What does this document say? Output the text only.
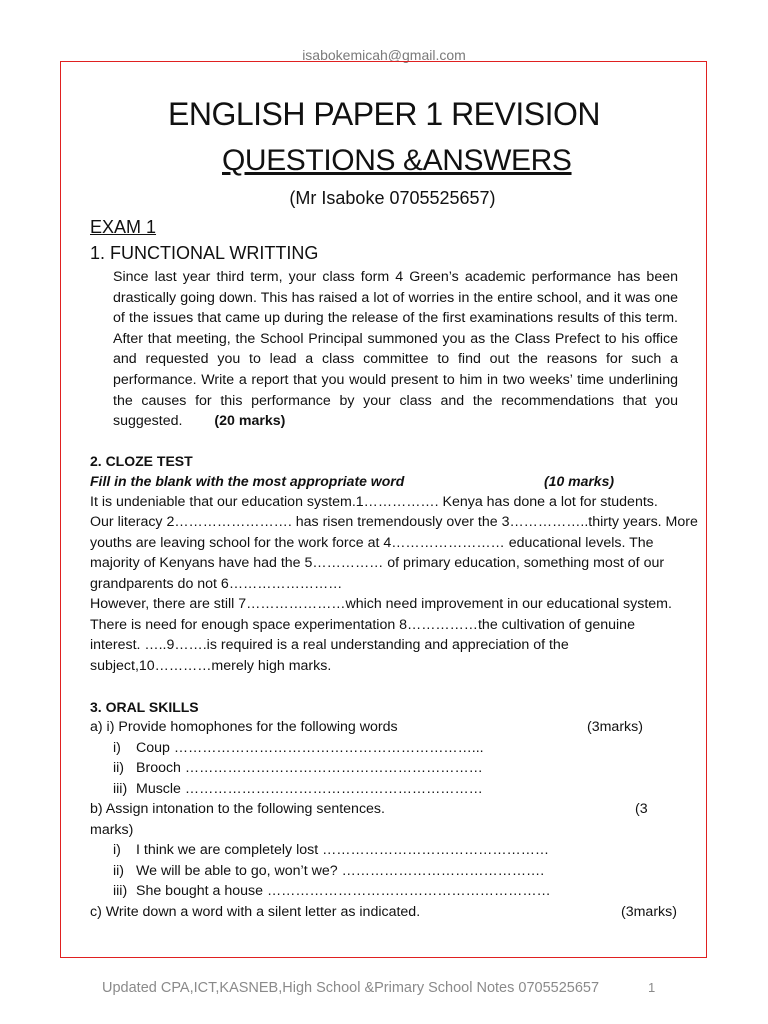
isabokemicah@gmail.com
ENGLISH PAPER 1 REVISION
QUESTIONS &ANSWERS
(Mr Isaboke 0705525657)
EXAM 1
1. FUNCTIONAL WRITTING
Since last year third term, your class form 4 Green’s academic performance has been drastically going down. This has raised a lot of worries in the entire school, and it was one of the issues that came up during the release of the first examinations results of this term. After that meeting, the School Principal summoned you as the Class Prefect to his office and requested you to lead a class committee to find out the reasons for such a performance. Write a report that you would present to him in two weeks’ time underlining the causes for this performance by your class and the recommendations that you suggested. (20 marks)
2. CLOZE TEST
Fill in the blank with the most appropriate word	(10 marks)
It is undeniable that our education system.1……………. Kenya has done a lot for students.
Our literacy 2……………………. has risen tremendously over the 3……………..thirty years. More
youths are leaving school for the work force at 4…………………… educational levels. The
majority of Kenyans have had the 5…………… of primary education, something most of our
grandparents do not 6……………………
However, there are still 7…………………which need improvement in our educational system.
There is need for enough space experimentation 8……………the cultivation of genuine
interest. …..9…….is required is a real understanding and appreciation of the
subject,10…………merely high marks.
3. ORAL SKILLS
a) i) Provide homophones for the following words	(3marks)
i) Coup ………………………………………………………...
ii) Brooch ………………………………………………………
iii) Muscle ………………………………………………………
b) Assign intonation to the following sentences.	(3
marks)
i) I think we are completely lost …………………………………………
ii) We will be able to go, won’t we? …………………………………….
iii) She bought a house ……………………………………………………
c) Write down a word with a silent letter as indicated.	(3marks)
Updated CPA,ICT,KASNEB,High School &Primary School Notes 0705525657	1
